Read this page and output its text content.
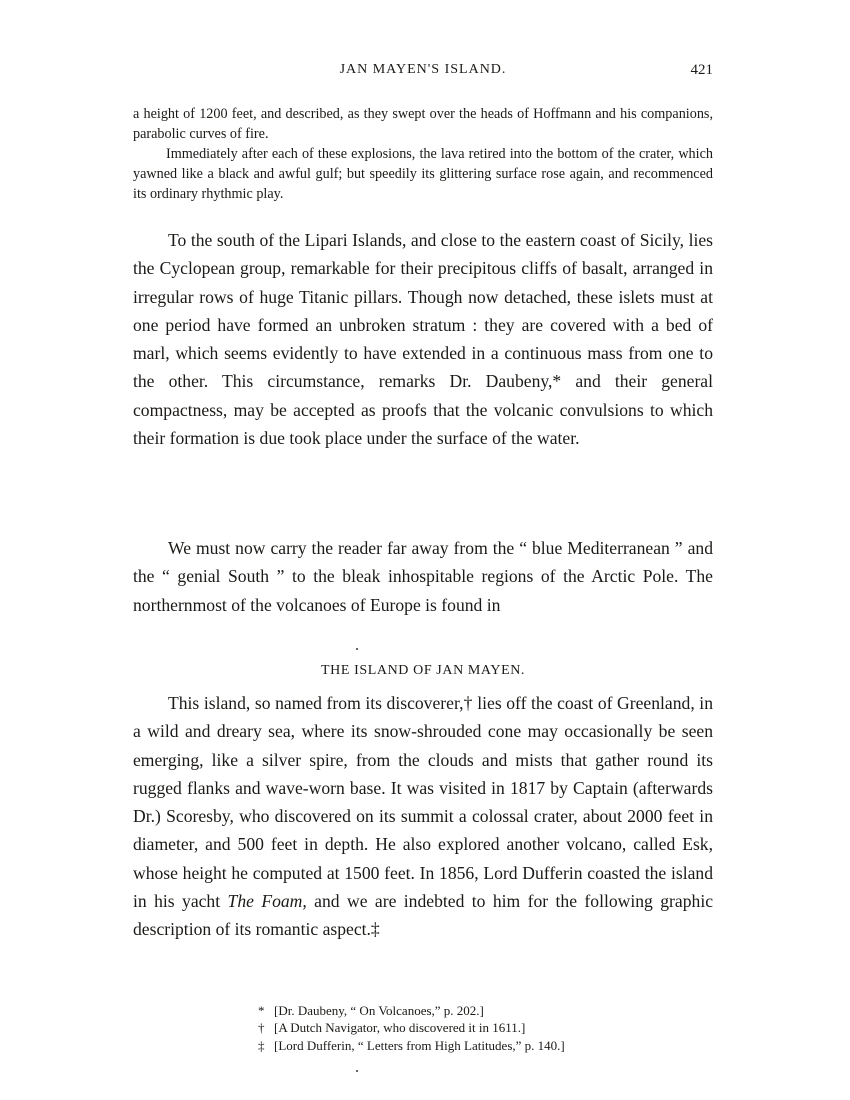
JAN MAYEN'S ISLAND.	421

a height of 1200 feet, and described, as they swept over the heads of Hoffmann and his companions, parabolic curves of fire.

Immediately after each of these explosions, the lava retired into the bottom of the crater, which yawned like a black and awful gulf; but speedily its glittering surface rose again, and recommenced its ordinary rhythmic play.

To the south of the Lipari Islands, and close to the eastern coast of Sicily, lies the Cyclopean group, remarkable for their precipitous cliffs of basalt, arranged in irregular rows of huge Titanic pillars. Though now detached, these islets must at one period have formed an unbroken stratum : they are covered with a bed of marl, which seems evidently to have extended in a continuous mass from one to the other. This circumstance, remarks Dr. Daubeny,* and their general compactness, may be accepted as proofs that the volcanic convulsions to which their formation is due took place under the surface of the water.

We must now carry the reader far away from the “ blue Mediterranean ” and the “ genial South ” to the bleak inhospitable regions of the Arctic Pole. The northernmost of the volcanoes of Europe is found in

THE ISLAND OF JAN MAYEN.

This island, so named from its discoverer,† lies off the coast of Greenland, in a wild and dreary sea, where its snow-shrouded cone may occasionally be seen emerging, like a silver spire, from the clouds and mists that gather round its rugged flanks and wave-worn base. It was visited in 1817 by Captain (afterwards Dr.) Scoresby, who discovered on its summit a colossal crater, about 2000 feet in diameter, and 500 feet in depth. He also explored another volcano, called Esk, whose height he computed at 1500 feet. In 1856, Lord Dufferin coasted the island in his yacht The Foam, and we are indebted to him for the following graphic description of its romantic aspect.‡

* [Dr. Daubeny, “ On Volcanoes,” p. 202.]
† [A Dutch Navigator, who discovered it in 1611.]
‡ [Lord Dufferin, “ Letters from High Latitudes,” p. 140.]
